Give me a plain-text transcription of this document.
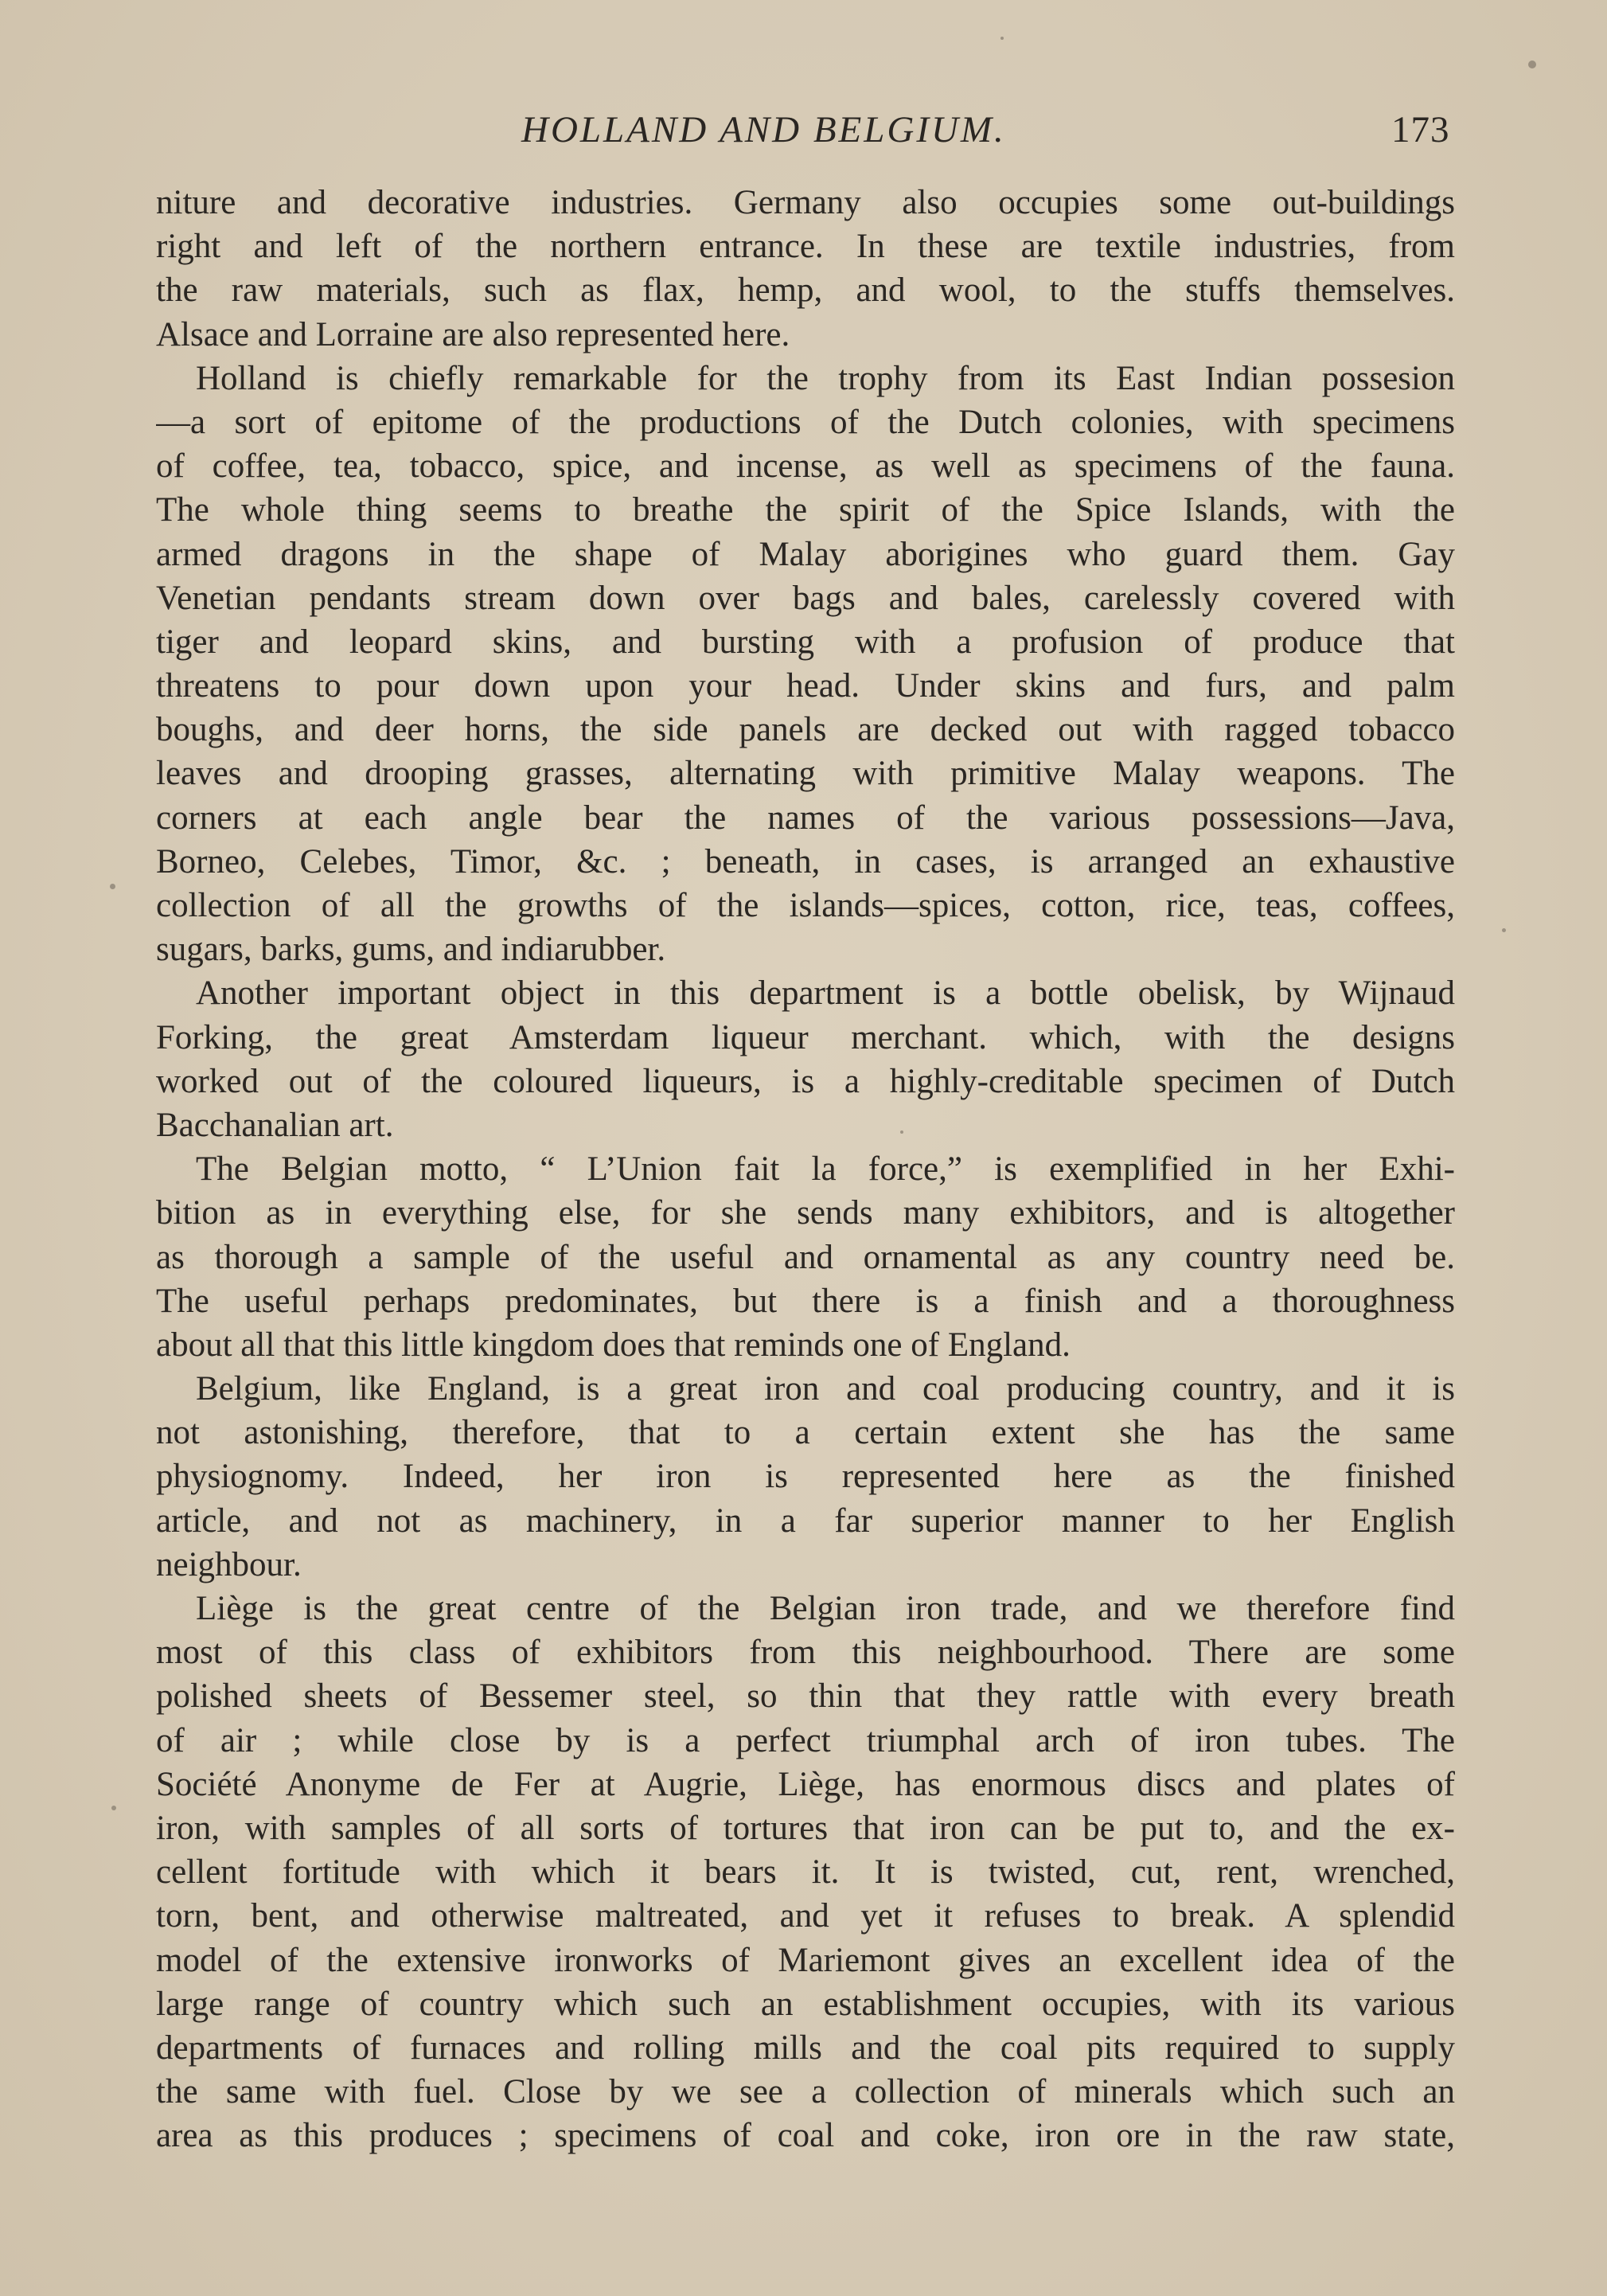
HOLLAND AND BELGIUM.	173
niture and decorative industries. Germany also occupies some out-buildings
right and left of the northern entrance. In these are textile industries, from
the raw materials, such as flax, hemp, and wool, to the stuffs themselves.
Alsace and Lorraine are also represented here.
Holland is chiefly remarkable for the trophy from its East Indian possesion
—a sort of epitome of the productions of the Dutch colonies, with specimens
of coffee, tea, tobacco, spice, and incense, as well as specimens of the fauna.
The whole thing seems to breathe the spirit of the Spice Islands, with the
armed dragons in the shape of Malay aborigines who guard them. Gay
Venetian pendants stream down over bags and bales, carelessly covered with
tiger and leopard skins, and bursting with a profusion of produce that
threatens to pour down upon your head. Under skins and furs, and palm
boughs, and deer horns, the side panels are decked out with ragged tobacco
leaves and drooping grasses, alternating with primitive Malay weapons. The
corners at each angle bear the names of the various possessions—Java,
Borneo, Celebes, Timor, &c. ; beneath, in cases, is arranged an exhaustive
collection of all the growths of the islands—spices, cotton, rice, teas, coffees,
sugars, barks, gums, and indiarubber.
Another important object in this department is a bottle obelisk, by Wijnaud
Forking, the great Amsterdam liqueur merchant. which, with the designs
worked out of the coloured liqueurs, is a highly-creditable specimen of Dutch
Bacchanalian art.
The Belgian motto, “ L’Union fait la force,” is exemplified in her Exhi-
bition as in everything else, for she sends many exhibitors, and is altogether
as thorough a sample of the useful and ornamental as any country need be.
The useful perhaps predominates, but there is a finish and a thoroughness
about all that this little kingdom does that reminds one of England.
Belgium, like England, is a great iron and coal producing country, and it is
not astonishing, therefore, that to a certain extent she has the same
physiognomy. Indeed, her iron is represented here as the finished
article, and not as machinery, in a far superior manner to her English
neighbour.
Liège is the great centre of the Belgian iron trade, and we therefore find
most of this class of exhibitors from this neighbourhood. There are some
polished sheets of Bessemer steel, so thin that they rattle with every breath
of air ; while close by is a perfect triumphal arch of iron tubes. The
Société Anonyme de Fer at Augrie, Liège, has enormous discs and plates of
iron, with samples of all sorts of tortures that iron can be put to, and the ex-
cellent fortitude with which it bears it. It is twisted, cut, rent, wrenched,
torn, bent, and otherwise maltreated, and yet it refuses to break. A splendid
model of the extensive ironworks of Mariemont gives an excellent idea of the
large range of country which such an establishment occupies, with its various
departments of furnaces and rolling mills and the coal pits required to supply
the same with fuel. Close by we see a collection of minerals which such an
area as this produces ; specimens of coal and coke, iron ore in the raw state,
